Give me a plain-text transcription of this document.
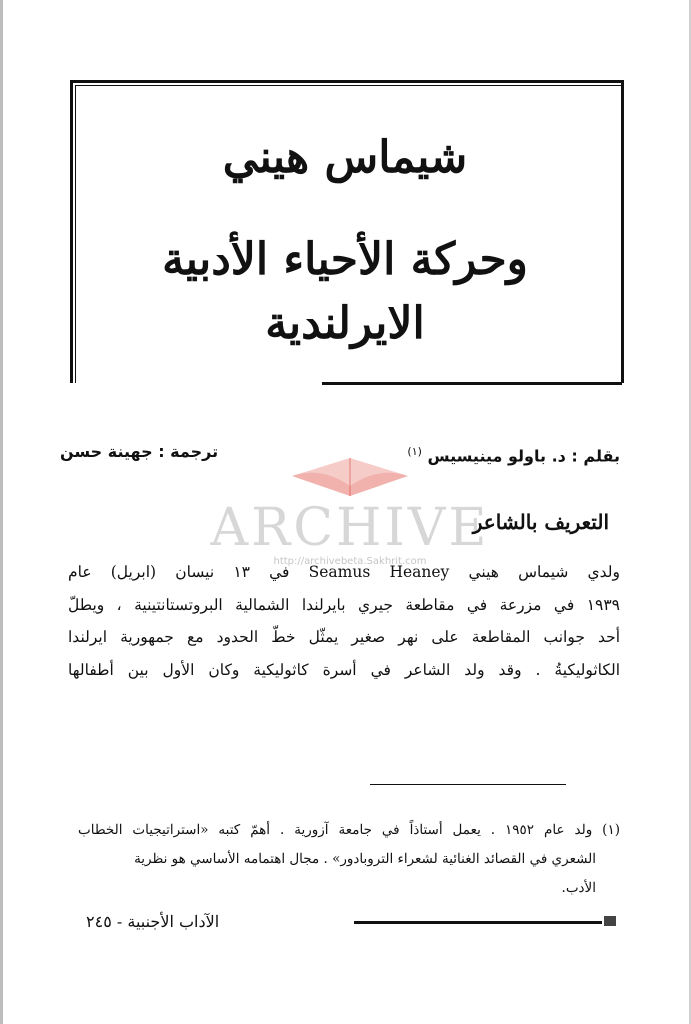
شيماس هيني
وحركة الأحياء الأدبية الايرلندية
ARCHIVE
http://archivebeta.Sakhrit.com
بقلم : د. باولو مينيسيس $^{(١)}$
ترجمة : جهينة حسن
التعريف بالشاعر
ولدي شيماس هيني Seamus Heaney في ١٣ نيسان (ابريل) عام
١٩٣٩ في مزرعة في مقاطعة جيري بايرلندا الشمالية البروتستانتينية ، ويطلّ
أحد جوانب المقاطعة على نهر صغير يمثّل خطّ الحدود مع جمهورية ايرلندا
الكاثوليكيةُ . وقد ولد الشاعر في أسرة كاثوليكية وكان الأول بين أطفالها
(١) ولد عام ١٩٥٢ . يعمل أستاذاً في جامعة آزورية . أهمّ كتبه «استراتيجيات الخطاب
الشعري في القصائد الغنائية لشعراء التروبادور» . مجال اهتمامه الأساسي هو نظرية
الأدب.
الآداب الأجنبية - ٢٤٥
